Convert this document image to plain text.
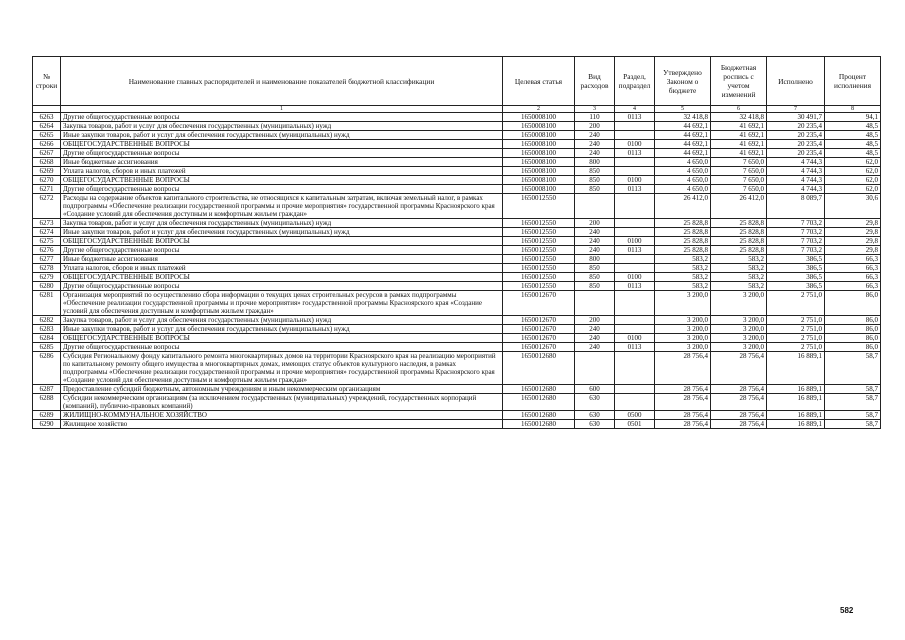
№ строки	Наименование главных распорядителей и наименование показателей бюджетной классификации	Целевая статья	Вид расходов	Раздел, подраздел	Утверждено Законом о бюджете	Бюджетная роспись с учетом изменений	Исполнено	Процент исполнения
	1	2	3	4	5	6	7	8
6263	Другие общегосударственные вопросы	1650008100	110	0113	32 418,8	32 418,8	30 491,7	94,1
6264	Закупка товаров, работ и услуг для обеспечения государственных (муниципальных) нужд	1650008100	200		44 692,1	41 692,1	20 235,4	48,5
6265	Иные закупки товаров, работ и услуг для обеспечения государственных (муниципальных) нужд	1650008100	240		44 692,1	41 692,1	20 235,4	48,5
6266	ОБЩЕГОСУДАРСТВЕННЫЕ ВОПРОСЫ	1650008100	240	0100	44 692,1	41 692,1	20 235,4	48,5
6267	Другие общегосударственные вопросы	1650008100	240	0113	44 692,1	41 692,1	20 235,4	48,5
6268	Иные бюджетные ассигнования	1650008100	800		4 650,0	7 650,0	4 744,3	62,0
6269	Уплата налогов, сборов и иных платежей	1650008100	850		4 650,0	7 650,0	4 744,3	62,0
6270	ОБЩЕГОСУДАРСТВЕННЫЕ ВОПРОСЫ	1650008100	850	0100	4 650,0	7 650,0	4 744,3	62,0
6271	Другие общегосударственные вопросы	1650008100	850	0113	4 650,0	7 650,0	4 744,3	62,0
6272	Расходы на содержание объектов капитального строительства, не относящихся к капитальным затратам, включая земельный налог, в рамках подпрограммы «Обеспечение реализации государственной программы и прочие мероприятия» государственной программы Красноярского края «Создание условий для обеспечения доступным и комфортным жильем граждан»	1650012550			26 412,0	26 412,0	8 089,7	30,6
6273	Закупка товаров, работ и услуг для обеспечения государственных (муниципальных) нужд	1650012550	200		25 828,8	25 828,8	7 703,2	29,8
6274	Иные закупки товаров, работ и услуг для обеспечения государственных (муниципальных) нужд	1650012550	240		25 828,8	25 828,8	7 703,2	29,8
6275	ОБЩЕГОСУДАРСТВЕННЫЕ ВОПРОСЫ	1650012550	240	0100	25 828,8	25 828,8	7 703,2	29,8
6276	Другие общегосударственные вопросы	1650012550	240	0113	25 828,8	25 828,8	7 703,2	29,8
6277	Иные бюджетные ассигнования	1650012550	800		583,2	583,2	386,5	66,3
6278	Уплата налогов, сборов и иных платежей	1650012550	850		583,2	583,2	386,5	66,3
6279	ОБЩЕГОСУДАРСТВЕННЫЕ ВОПРОСЫ	1650012550	850	0100	583,2	583,2	386,5	66,3
6280	Другие общегосударственные вопросы	1650012550	850	0113	583,2	583,2	386,5	66,3
6281	Организация мероприятий по осуществлению сбора информации о текущих ценах строительных ресурсов в рамках подпрограммы «Обеспечение реализации государственной программы и прочие мероприятия» государственной программы Красноярского края «Создание условий для обеспечения доступным и комфортным жильем граждан»	1650012670			3 200,0	3 200,0	2 751,0	86,0
6282	Закупка товаров, работ и услуг для обеспечения государственных (муниципальных) нужд	1650012670	200		3 200,0	3 200,0	2 751,0	86,0
6283	Иные закупки товаров, работ и услуг для обеспечения государственных (муниципальных) нужд	1650012670	240		3 200,0	3 200,0	2 751,0	86,0
6284	ОБЩЕГОСУДАРСТВЕННЫЕ ВОПРОСЫ	1650012670	240	0100	3 200,0	3 200,0	2 751,0	86,0
6285	Другие общегосударственные вопросы	1650012670	240	0113	3 200,0	3 200,0	2 751,0	86,0
6286	Субсидия Региональному фонду капитального ремонта многоквартирных домов на территории Красноярского края на реализацию мероприятий по капитальному ремонту общего имущества в многоквартирных домах, имеющих статус объектов культурного наследия, в рамках подпрограммы «Обеспечение реализации государственной программы и прочие мероприятия» государственной программы Красноярского края «Создание условий для обеспечения доступным и комфортным жильем граждан»	1650012680			28 756,4	28 756,4	16 889,1	58,7
6287	Предоставление субсидий бюджетным, автономным учреждениям и иным некоммерческим организациям	1650012680	600		28 756,4	28 756,4	16 889,1	58,7
6288	Субсидии некоммерческим организациям (за исключением государственных (муниципальных) учреждений, государственных корпораций (компаний), публично-правовых компаний)	1650012680	630		28 756,4	28 756,4	16 889,1	58,7
6289	ЖИЛИЩНО-КОММУНАЛЬНОЕ ХОЗЯЙСТВО	1650012680	630	0500	28 756,4	28 756,4	16 889,1	58,7
6290	Жилищное хозяйство	1650012680	630	0501	28 756,4	28 756,4	16 889,1	58,7
582
